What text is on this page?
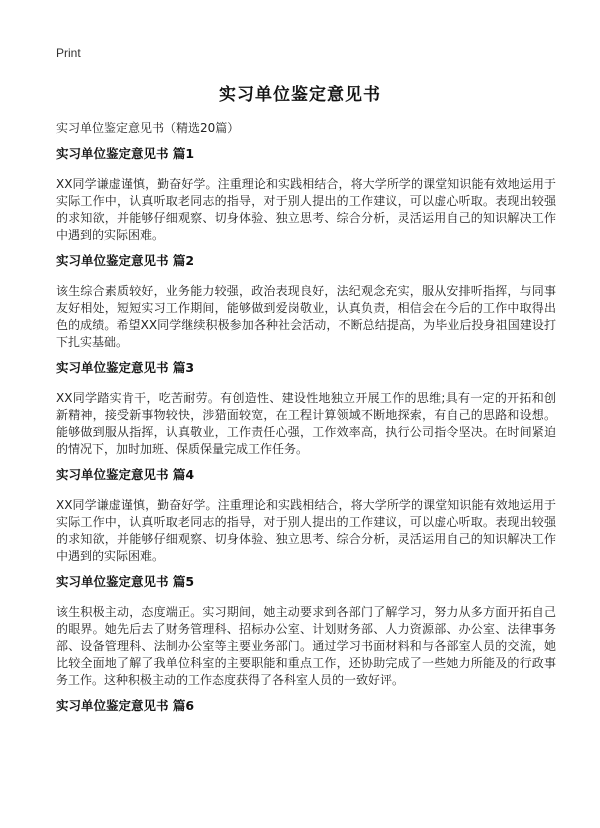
Print
实习单位鉴定意见书
实习单位鉴定意见书（精选20篇）
实习单位鉴定意见书 篇1
XX同学谦虚谨慎，勤奋好学。注重理论和实践相结合，将大学所学的课堂知识能有效地运用于实际工作中，认真听取老同志的指导，对于别人提出的工作建议，可以虚心听取。表现出较强的求知欲，并能够仔细观察、切身体验、独立思考、综合分析，灵活运用自己的知识解决工作中遇到的实际困难。
实习单位鉴定意见书 篇2
该生综合素质较好，业务能力较强，政治表现良好，法纪观念充实，服从安排听指挥，与同事友好相处，短短实习工作期间，能够做到爱岗敬业，认真负责，相信会在今后的工作中取得出色的成绩。希望XX同学继续积极参加各种社会活动，不断总结提高，为毕业后投身祖国建设打下扎实基础。
实习单位鉴定意见书 篇3
XX同学踏实肯干，吃苦耐劳。有创造性、建设性地独立开展工作的思维;具有一定的开拓和创新精神，接受新事物较快，涉猎面较宽，在工程计算领域不断地探索，有自己的思路和设想。能够做到服从指挥，认真敬业，工作责任心强，工作效率高，执行公司指令坚决。在时间紧迫的情况下，加时加班、保质保量完成工作任务。
实习单位鉴定意见书 篇4
XX同学谦虚谨慎，勤奋好学。注重理论和实践相结合，将大学所学的课堂知识能有效地运用于实际工作中，认真听取老同志的指导，对于别人提出的工作建议，可以虚心听取。表现出较强的求知欲，并能够仔细观察、切身体验、独立思考、综合分析，灵活运用自己的知识解决工作中遇到的实际困难。
实习单位鉴定意见书 篇5
该生积极主动，态度端正。实习期间，她主动要求到各部门了解学习，努力从多方面开拓自己的眼界。她先后去了财务管理科、招标办公室、计划财务部、人力资源部、办公室、法律事务部、设备管理科、法制办公室等主要业务部门。通过学习书面材料和与各部室人员的交流，她比较全面地了解了我单位科室的主要职能和重点工作，还协助完成了一些她力所能及的行政事务工作。这种积极主动的工作态度获得了各科室人员的一致好评。
实习单位鉴定意见书 篇6
